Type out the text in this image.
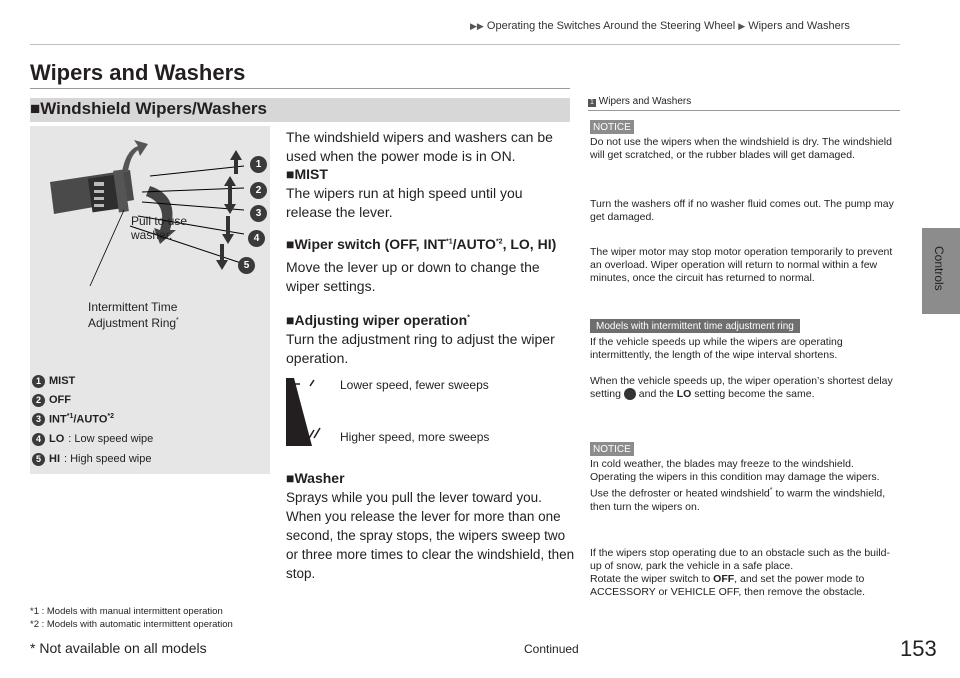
▶▶ Operating the Switches Around the Steering Wheel ▶ Wipers and Washers
Controls
Wipers and Washers
■Windshield Wipers/Washers
1
2
3
4
5
Pull to use washer.
Intermittent Time Adjustment Ring*
1 MIST
2 OFF
3 INT$^{*1}$/AUTO$^{*2}$
4 LO : Low speed wipe
5 HI : High speed wipe
The windshield wipers and washers can be used when the power mode is in ON.
■MIST
The wipers run at high speed until you release the lever.
■Wiper switch (OFF, INT$^{*1}$/AUTO$^{*2}$, LO, HI)
Move the lever up or down to change the wiper settings.
■Adjusting wiper operation*
Turn the adjustment ring to adjust the wiper operation.
Lower speed, fewer sweeps
Higher speed, more sweeps
■Washer
Sprays while you pull the lever toward you. When you release the lever for more than one second, the spray stops, the wipers sweep two or three more times to clear the windshield, then stop.
*1 : Models with manual intermittent operation
*2 : Models with automatic intermittent operation
1 Wipers and Washers
NOTICE
Do not use the wipers when the windshield is dry. The windshield will get scratched, or the rubber blades will get damaged.
Turn the washers off if no washer fluid comes out. The pump may get damaged.
The wiper motor may stop motor operation temporarily to prevent an overload. Wiper operation will return to normal within a few minutes, once the circuit has returned to normal.
Models with intermittent time adjustment ring
If the vehicle speeds up while the wipers are operating intermittently, the length of the wipe interval shortens.
When the vehicle speeds up, the wiper operation’s shortest delay setting and the LO setting become the same.
NOTICE
In cold weather, the blades may freeze to the windshield.
Operating the wipers in this condition may damage the wipers. Use the defroster or heated windshield* to warm the windshield, then turn the wipers on.
If the wipers stop operating due to an obstacle such as the build-up of snow, park the vehicle in a safe place.
Rotate the wiper switch to OFF, and set the power mode to ACCESSORY or VEHICLE OFF, then remove the obstacle.
* Not available on all models	Continued	153
